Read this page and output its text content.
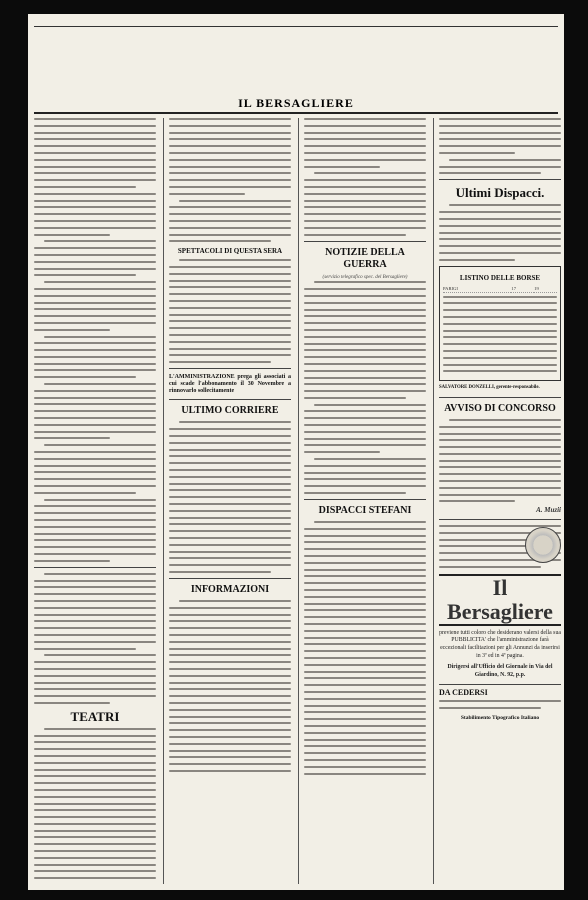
IL BERSAGLIERE
TEATRI
SPETTACOLI DI QUESTA SERA
L'AMMINISTRAZIONE prega gli associati a cui scade l'abbonamento il 30 Novembre a rinnovarlo sollecitamente
ULTIMO CORRIERE
INFORMAZIONI
NOTIZIE DELLA GUERRA
(servizio telegrafico spec. del Bersagliere)
DISPACCI STEFANI
Ultimi Dispacci.
LISTINO DELLE BORSE
PARIGI	17	19
SALVATORE DONZELLI, gerente-responsabile.
AVVISO DI CONCORSO
A. Muzii
Il Bersagliere
previene tutti coloro che desiderano valersi della sua PUBBLICITA' che l'amministrazione farà eccezionali facilitazioni per gli Annunzi da inserirsi in 3ª ed in 4ª pagina.
Dirigersi all'Ufficio del Giornale in Via del Giardino, N. 92, p.p.
DA CEDERSI
Stabilimento Tipografico Italiano
